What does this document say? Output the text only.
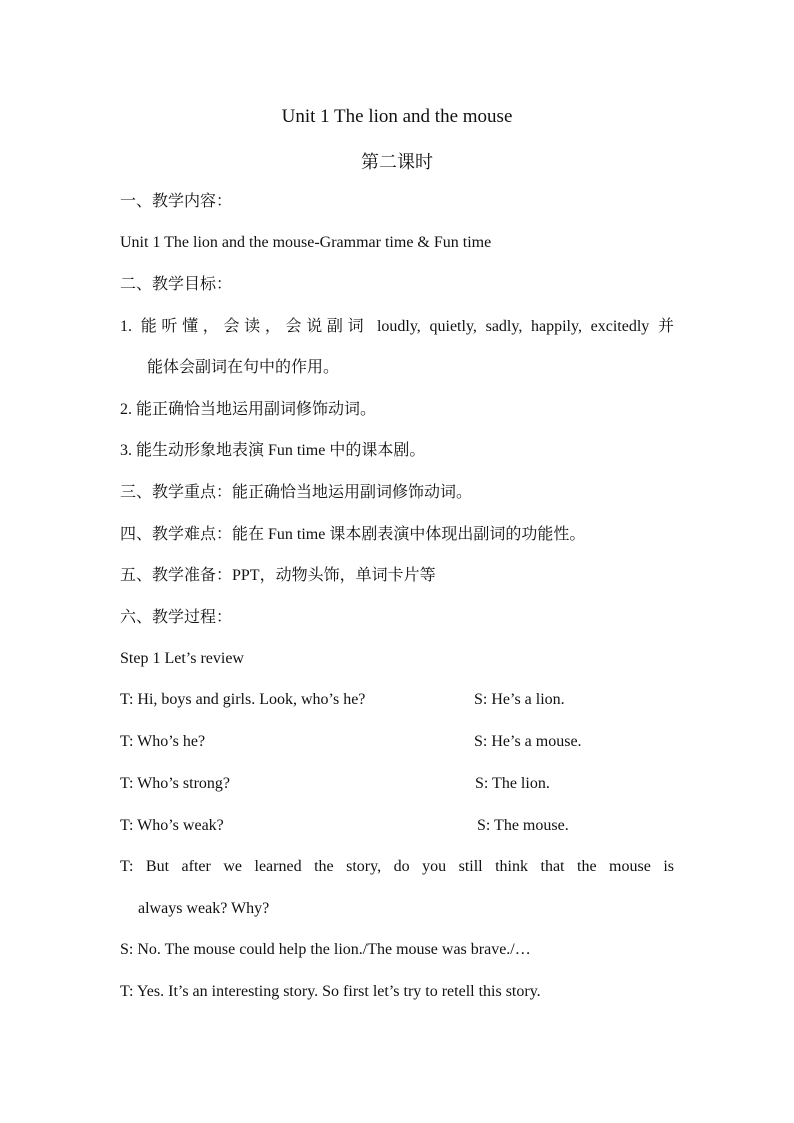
Unit 1 The lion and the mouse
第二课时
一、教学内容：
Unit 1 The lion and the mouse-Grammar time & Fun time
二、教学目标：
1. 能听懂，会读，会说副词 loudly, quietly, sadly, happily, excitedly 并
能体会副词在句中的作用。
2. 能正确恰当地运用副词修饰动词。
3. 能生动形象地表演 Fun time 中的课本剧。
三、教学重点：能正确恰当地运用副词修饰动词。
四、教学难点：能在 Fun time 课本剧表演中体现出副词的功能性。
五、教学准备：PPT，动物头饰，单词卡片等
六、教学过程：
Step 1 Let’s review
T: Hi, boys and girls. Look, who’s he?	S: He’s a lion.
T: Who’s he?	S: He’s a mouse.
T: Who’s strong?	S: The lion.
T: Who’s weak?	S: The mouse.
T: But after we learned the story, do you still think that the mouse is
always weak? Why?
S: No. The mouse could help the lion./The mouse was brave./…
T: Yes. It’s an interesting story. So first let’s try to retell this story.
